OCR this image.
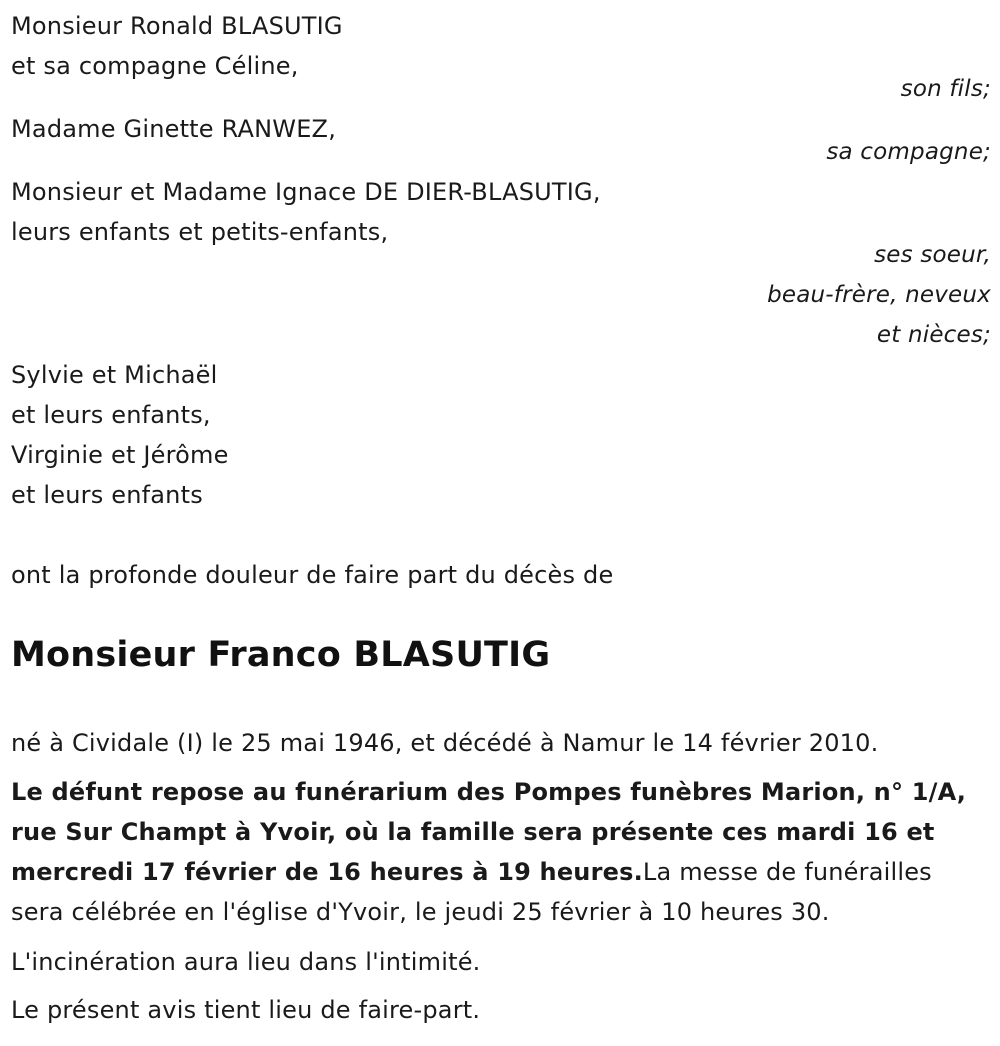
Monsieur Ronald BLASUTIG
et sa compagne Céline,
son fils;
Madame Ginette RANWEZ,
sa compagne;
Monsieur et Madame Ignace DE DIER-BLASUTIG,
leurs enfants et petits-enfants,
ses soeur,
beau-frère, neveux
et nièces;
Sylvie et Michaël
et leurs enfants,
Virginie et Jérôme
et leurs enfants
ont la profonde douleur de faire part du décès de
Monsieur Franco BLASUTIG
né à Cividale (I) le 25 mai 1946, et décédé à Namur le 14 février 2010.
Le défunt repose au funérarium des Pompes funèbres Marion, n° 1/A,
rue Sur Champt à Yvoir, où la famille sera présente ces mardi 16 et
mercredi 17 février de 16 heures à 19 heures.La messe de funérailles
sera célébrée en l'église d'Yvoir, le jeudi 25 février à 10 heures 30.
L'incinération aura lieu dans l'intimité.
Le présent avis tient lieu de faire-part.
